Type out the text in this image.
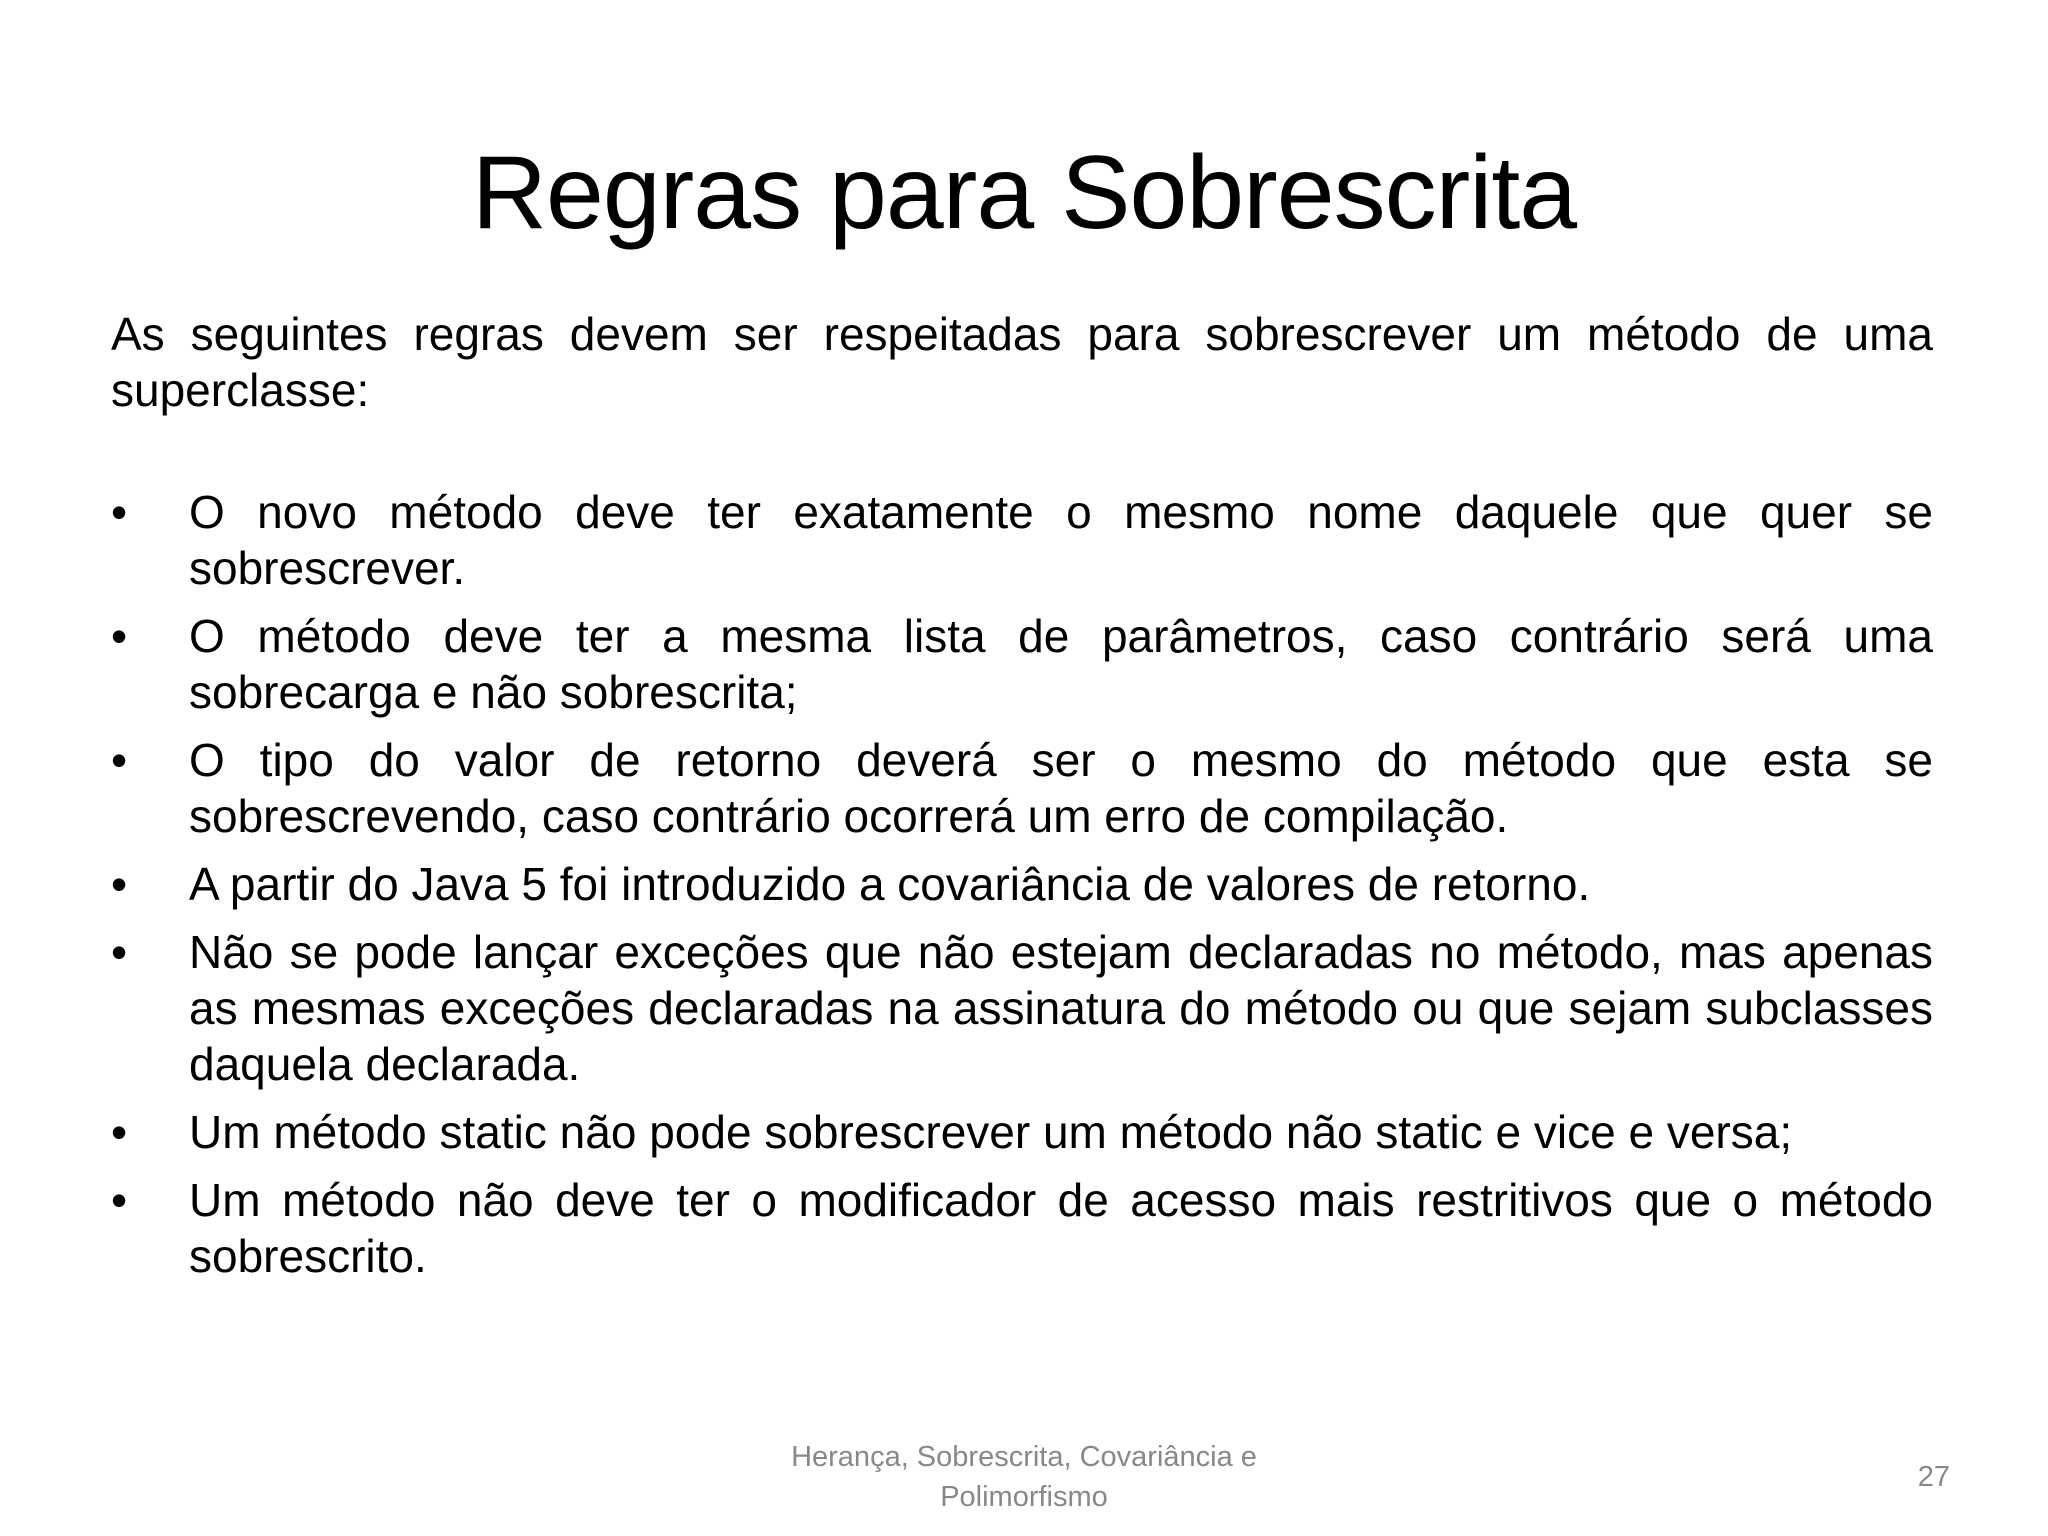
Regras para Sobrescrita

As seguintes regras devem ser respeitadas para sobrescrever um método de uma superclasse:

•	O novo método deve ter exatamente o mesmo nome daquele que quer se sobrescrever.
•	O método deve ter a mesma lista de parâmetros, caso contrário será uma sobrecarga e não sobrescrita;
•	O tipo do valor de retorno deverá ser o mesmo do método que esta se sobrescrevendo, caso contrário ocorrerá um erro de compilação.
•	A partir do Java 5 foi introduzido a covariância de valores de retorno.
•	Não se pode lançar exceções que não estejam declaradas no método, mas apenas as mesmas exceções declaradas na assinatura do método ou que sejam subclasses daquela declarada.
•	Um método static não pode sobrescrever um método não static e vice e versa;
•	Um método não deve ter o modificador de acesso mais restritivos que o método sobrescrito.
Herança, Sobrescrita, Covariância e
Polimorfismo
27
